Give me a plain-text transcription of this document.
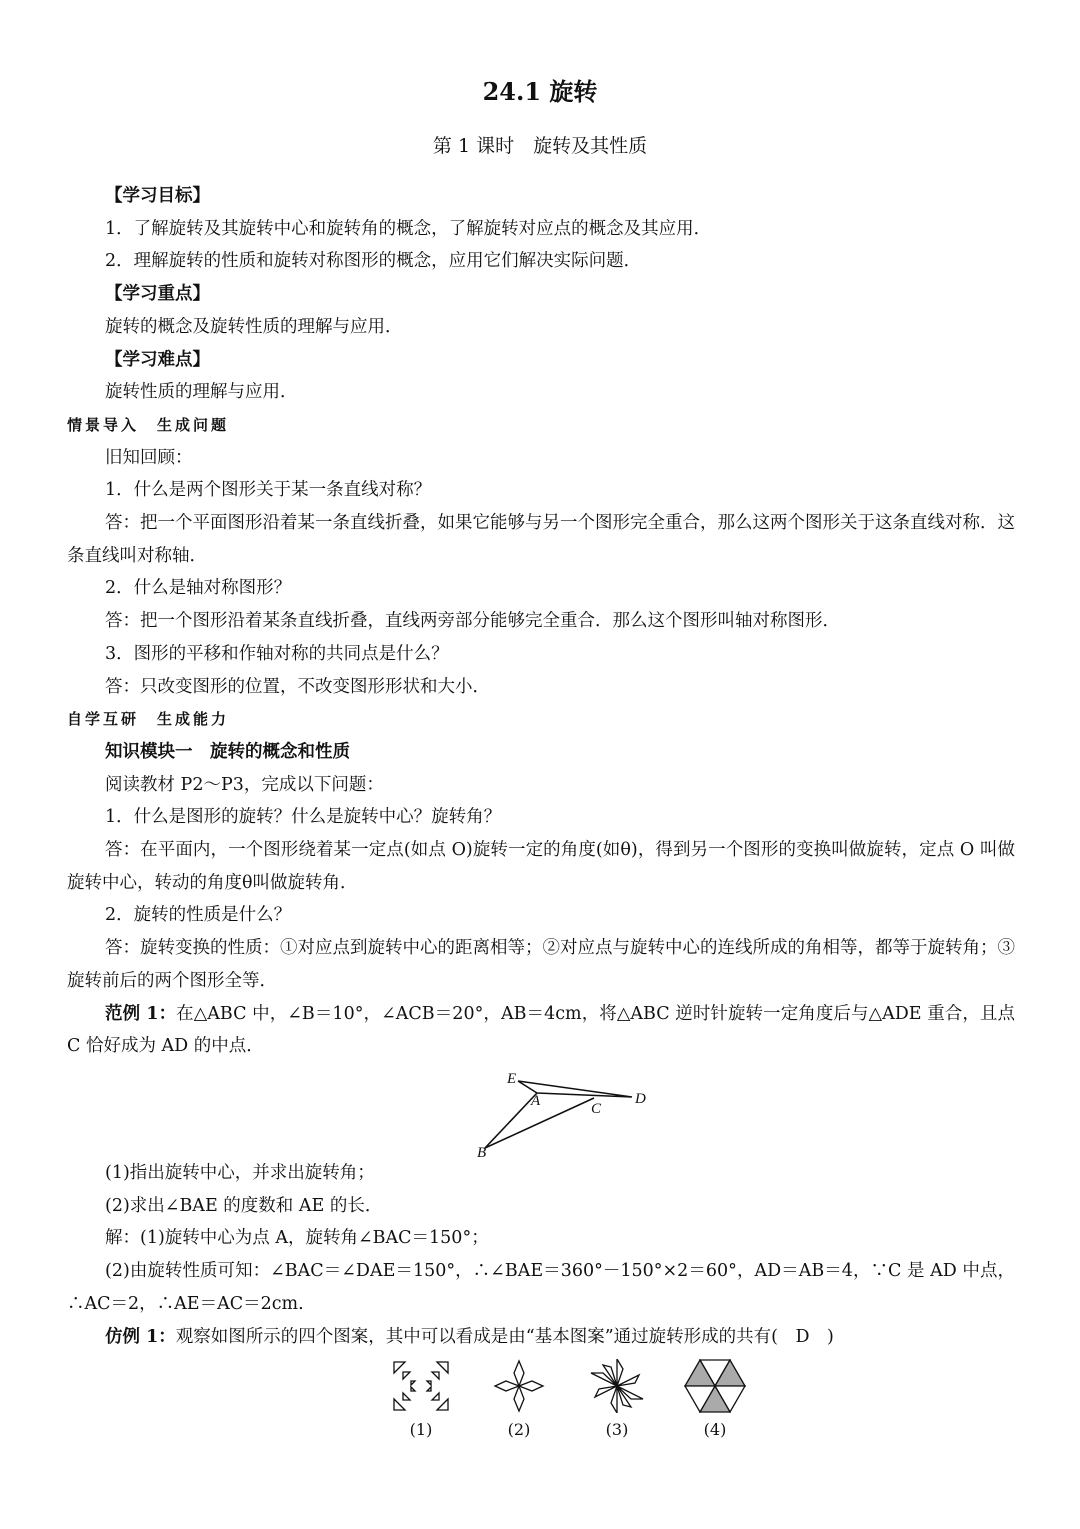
24.1 旋转
第 1 课时　旋转及其性质

【学习目标】

1．了解旋转及其旋转中心和旋转角的概念，了解旋转对应点的概念及其应用．

2．理解旋转的性质和旋转对称图形的概念，应用它们解决实际问题．

【学习重点】

旋转的概念及旋转性质的理解与应用．

【学习难点】

旋转性质的理解与应用．

情景导入　生成问题

旧知回顾：

1．什么是两个图形关于某一条直线对称？

答：把一个平面图形沿着某一条直线折叠，如果它能够与另一个图形完全重合，那么这两个图形关于这条直线对称．这条直线叫对称轴．

2．什么是轴对称图形？

答：把一个图形沿着某条直线折叠，直线两旁部分能够完全重合．那么这个图形叫轴对称图形．

3．图形的平移和作轴对称的共同点是什么？

答：只改变图形的位置，不改变图形形状和大小．

自学互研　生成能力

知识模块一　旋转的概念和性质

阅读教材 P2～P3，完成以下问题：

1．什么是图形的旋转？什么是旋转中心？旋转角？

答：在平面内，一个图形绕着某一定点(如点 O)旋转一定的角度(如θ)，得到另一个图形的变换叫做旋转，定点 O 叫做旋转中心，转动的角度θ叫做旋转角．

2．旋转的性质是什么？

答：旋转变换的性质：①对应点到旋转中心的距离相等；②对应点与旋转中心的连线所成的角相等，都等于旋转角；③旋转前后的两个图形全等．

范例 1：在△ABC 中，∠B＝10°，∠ACB＝20°，AB＝4cm，将△ABC 逆时针旋转一定角度后与△ADE 重合，且点 C 恰好成为 AD 的中点．

E
A	C
D
B

(1)指出旋转中心，并求出旋转角；

(2)求出∠BAE 的度数和 AE 的长．

解：(1)旋转中心为点 A，旋转角∠BAC＝150°；

(2)由旋转性质可知：∠BAC＝∠DAE＝150°，∴∠BAE＝360°－150°×2＝60°，AD＝AB＝4，∵C 是 AD 中点，∴AC＝2，∴AE＝AC＝2cm.

仿例 1：观察如图所示的四个图案，其中可以看成是由“基本图案”通过旋转形成的共有(　D　)

(1)	(2)	(3)	(4)
